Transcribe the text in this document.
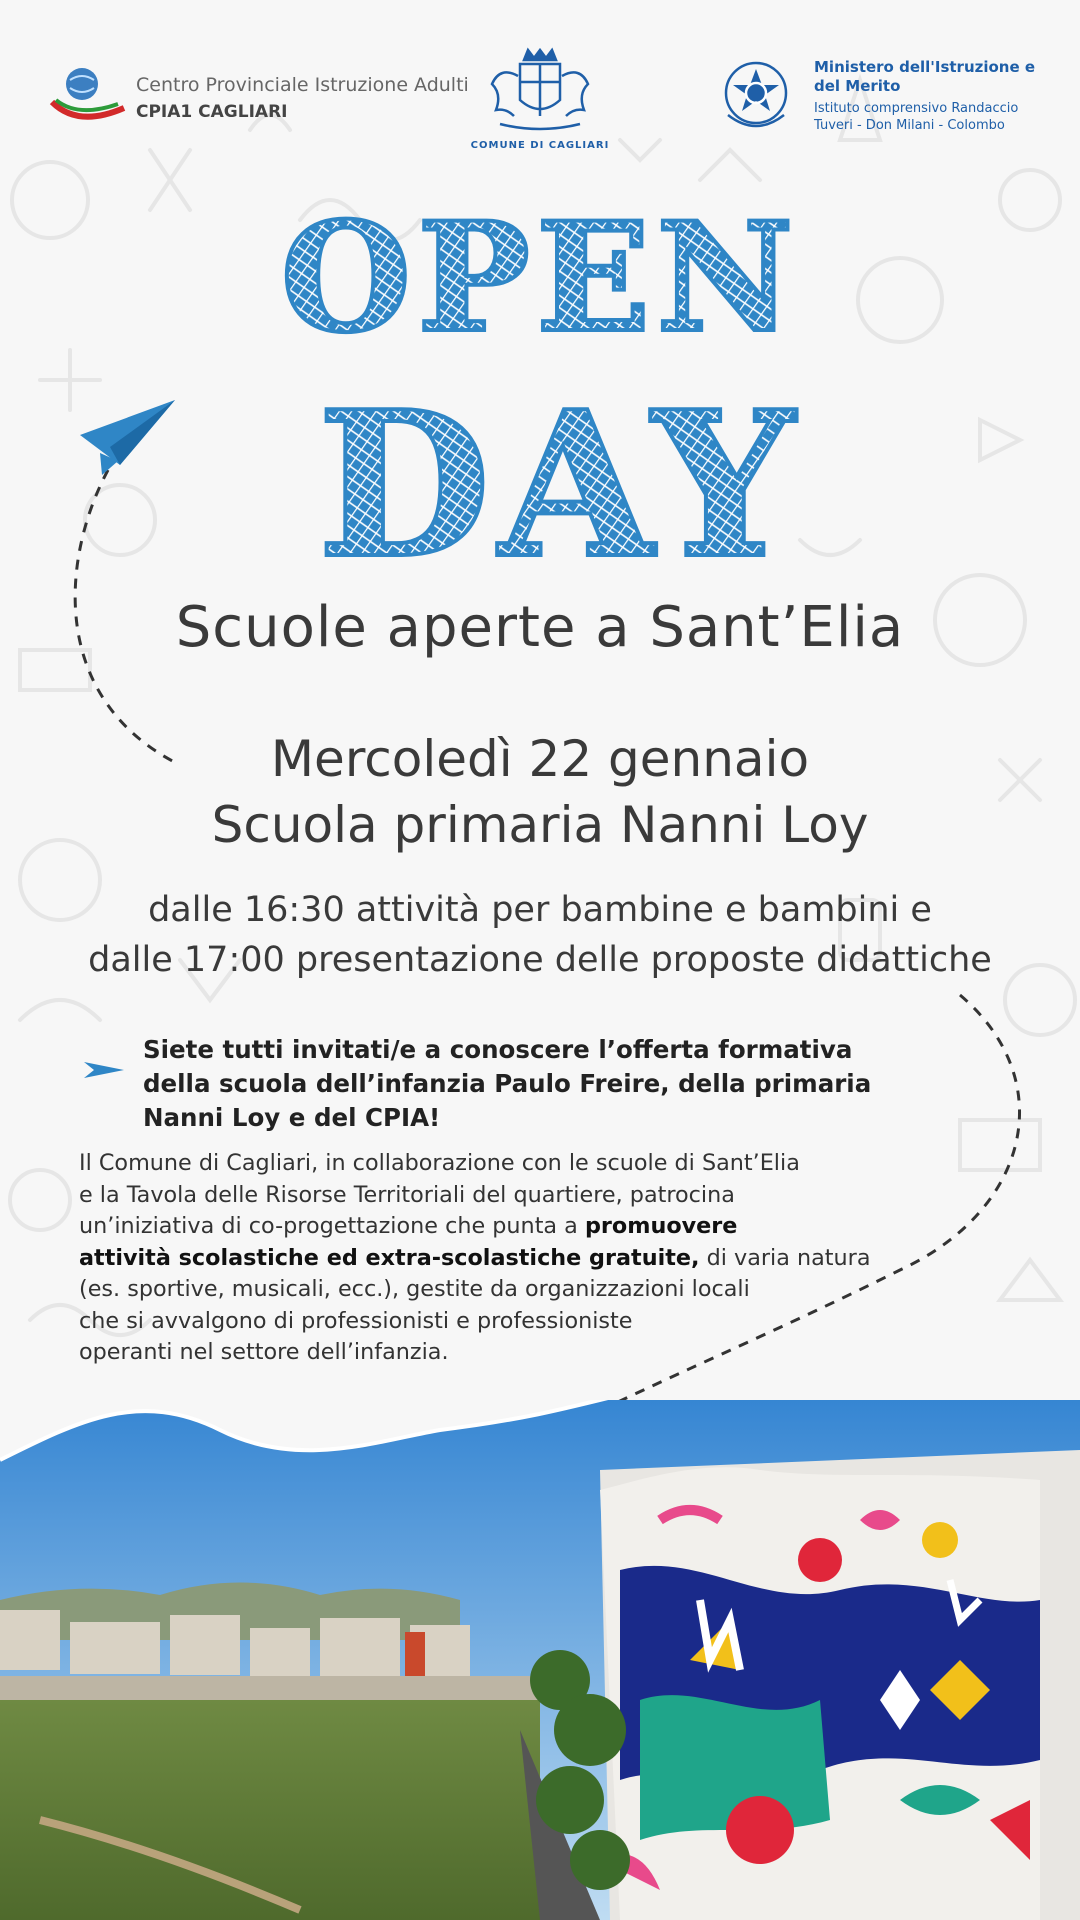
Centro Provinciale Istruzione Adulti
CPIA1 CAGLIARI
COMUNE DI CAGLIARI
Ministero dell'Istruzione e
del Merito
Istituto comprensivo Randaccio
Tuveri - Don Milani - Colombo
OPEN
DAY
Scuole aperte a Sant’Elia
Mercoledì 22 gennaio
Scuola primaria Nanni Loy
dalle 16:30 attività per bambine e bambini e
dalle 17:00 presentazione delle proposte didattiche
Siete tutti invitati/e a conoscere l’offerta formativa
della scuola dell’infanzia Paulo Freire, della primaria
Nanni Loy e del CPIA!
Il Comune di Cagliari, in collaborazione con le scuole di Sant’Elia
e la Tavola delle Risorse Territoriali del quartiere, patrocina
un’iniziativa di co-progettazione che punta a promuovere
attività scolastiche ed extra-scolastiche gratuite, di varia natura
(es. sportive, musicali, ecc.), gestite da organizzazioni locali
che si avvalgono di professionisti e professioniste
operanti nel settore dell’infanzia.
